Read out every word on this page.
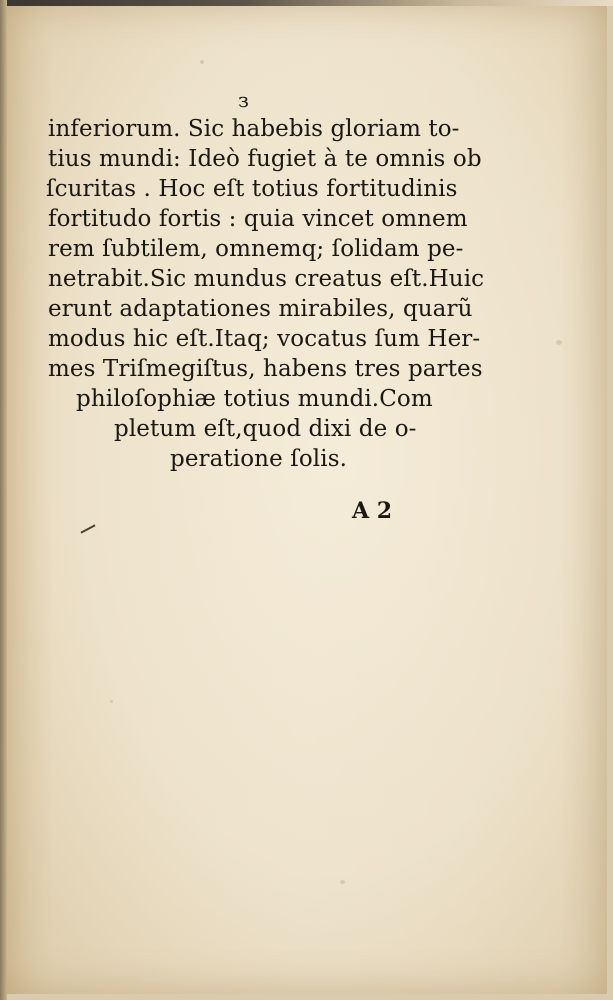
з
inferiorum. Sic habebis gloriam to-
tius mundi: Ideò fugiet à te omnis ob
ſcuritas . Hoc eſt totius fortitudinis
fortitudo fortis : quia vincet omnem
rem ſubtilem, omnemq; ſolidam pe-
netrabit.Sic mundus creatus eſt.Huic
erunt adaptationes mirabiles, quarũ
modus hic eſt.Itaq; vocatus ſum Her-
mes Triſmegiſtus, habens tres partes
philoſophiæ totius mundi.Com
pletum eſt,quod dixi de o-
peratione ſolis.
A 2
